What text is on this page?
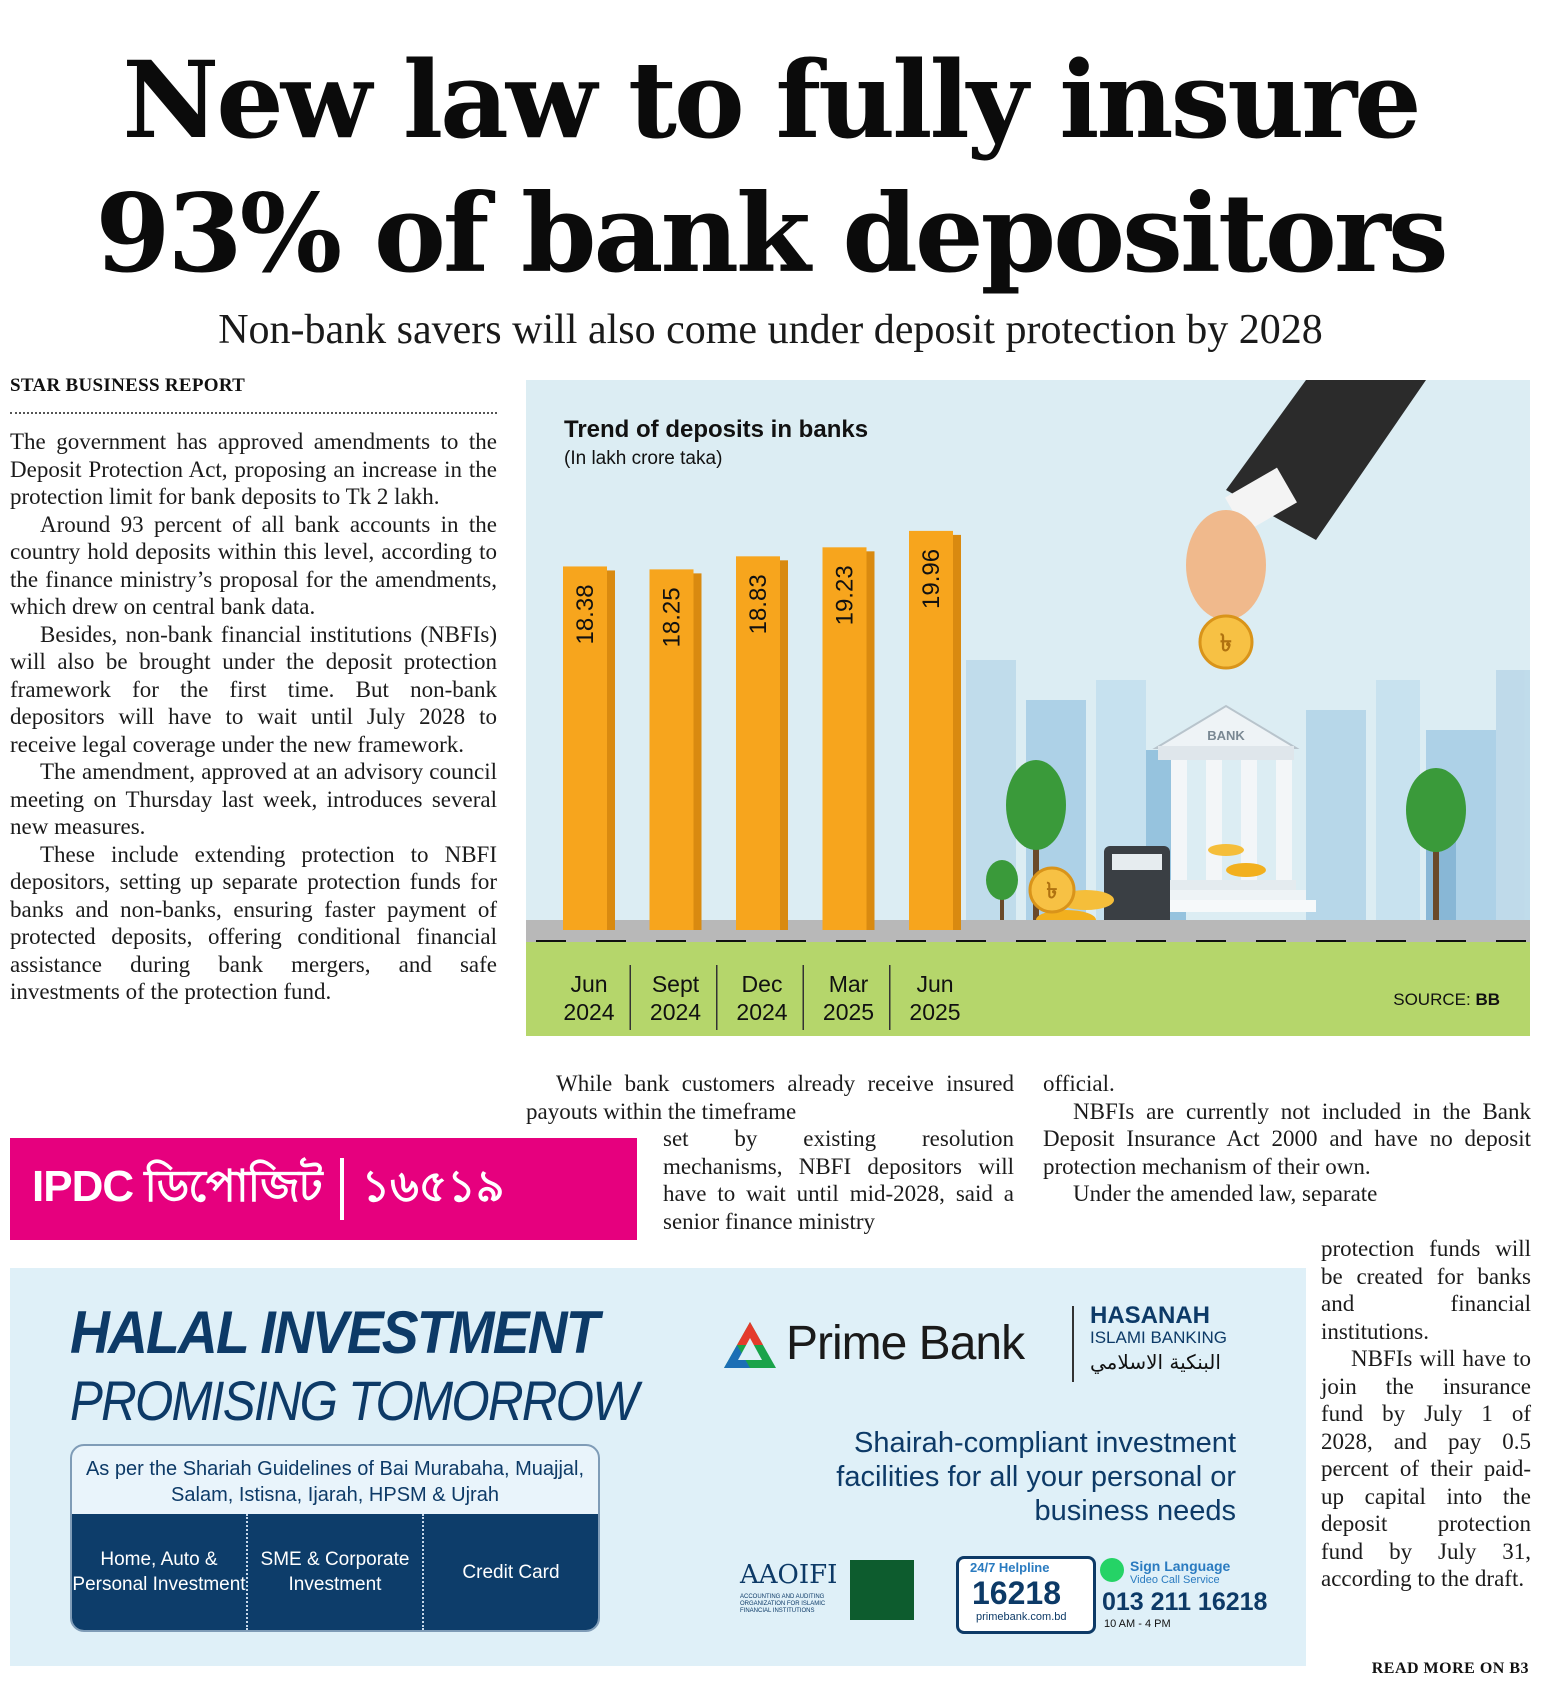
New law to fully insure
93% of bank depositors
Non-bank savers will also come under deposit protection by 2028
STAR BUSINESS REPORT

The government has approved amendments to the Deposit Protection Act, proposing an increase in the protection limit for bank deposits to Tk 2 lakh.

Around 93 percent of all bank accounts in the country hold deposits within this level, according to the finance ministry’s proposal for the amendments, which drew on central bank data.

Besides, non-bank financial institutions (NBFIs) will also be brought under the deposit protection framework for the first time. But non-bank depositors will have to wait until July 2028 to receive legal coverage under the new framework.

The amendment, approved at an advisory council meeting on Thursday last week, introduces several new measures.

These include extending protection to NBFI depositors, setting up separate protection funds for banks and non-banks, ensuring faster payment of protected deposits, offering conditional financial assistance during bank mergers, and safe investments of the protection fund.

BANK
৳
৳
18.38 18.25 18.83 19.23 19.96
Jun
2024
Sept
2024
Dec
2024
Mar
2025
Jun
2025
Trend of deposits in banks
(In lakh crore taka)
SOURCE: BB

While bank customers already receive insured payouts within the timeframe

set by existing resolution mechanisms, NBFI depositors will have to wait until mid-2028, said a senior finance ministry

official.

NBFIs are currently not included in the Bank Deposit Insurance Act 2000 and have no deposit protection mechanism of their own.

Under the amended law, separate

protection funds will be created for banks and financial institutions.

NBFIs will have to join the insurance fund by July 1 of 2028, and pay 0.5 percent of their paid-up capital into the deposit protection fund by July 31, according to the draft.

IPDC ডিপোজিট ১৬৫১৯
HALAL INVESTMENT
PROMISING TOMORROW
As per the Shariah Guidelines of Bai Murabaha, Muajjal, Salam, Istisna, Ijarah, HPSM & Ujrah
Home, Auto & Personal Investment
SME & Corporate Investment
Credit Card
Prime Bank
HASANAH
ISLAMI BANKING
البنكية الاسلامي
Shairah-compliant investment facilities for all your personal or business needs
AAOIFI
ACCOUNTING AND AUDITING ORGANIZATION FOR ISLAMIC FINANCIAL INSTITUTIONS
24/7 Helpline
16218
primebank.com.bd
Sign Language
Video Call Service
013 211 16218
10 AM - 4 PM
READ MORE ON B3
